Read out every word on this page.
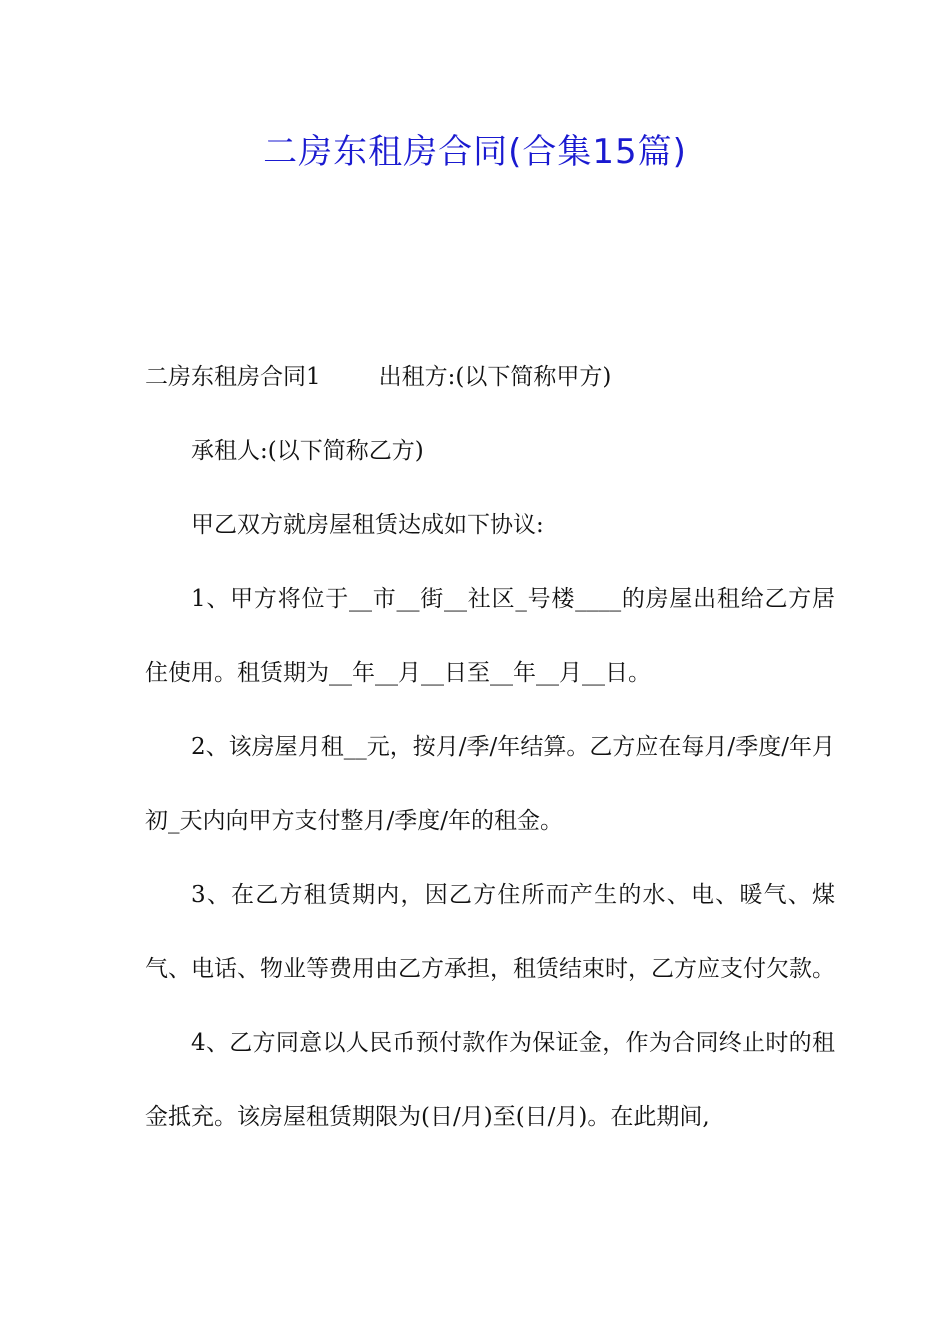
二房东租房合同(合集15篇)

二房东租房合同1	出租方:(以下简称甲方)

承租人:(以下简称乙方)

甲乙双方就房屋租赁达成如下协议:

1、甲方将位于__市__街__社区_号楼____的房屋出租给乙方居住使用。租赁期为__年__月__日至__年__月__日。

2、该房屋月租__元，按月/季/年结算。乙方应在每月/季度/年月初_天内向甲方支付整月/季度/年的租金。

3、在乙方租赁期内，因乙方住所而产生的水、电、暖气、煤气、电话、物业等费用由乙方承担，租赁结束时，乙方应支付欠款。

4、乙方同意以人民币预付款作为保证金，作为合同终止时的租金抵充。该房屋租赁期限为(日/月)至(日/月)。在此期间,
